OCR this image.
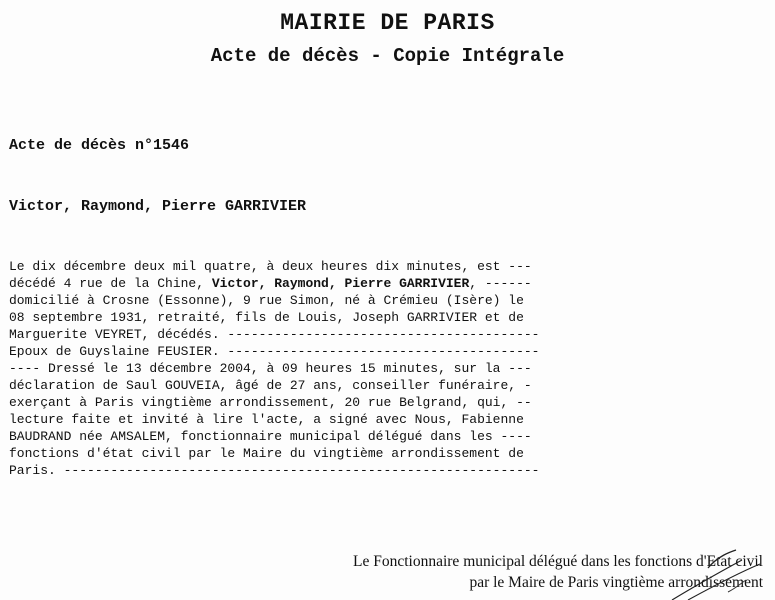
MAIRIE DE PARIS
Acte de décès - Copie Intégrale

Acte de décès n°1546

Victor, Raymond, Pierre GARRIVIER

Le dix décembre deux mil quatre, à deux heures dix minutes, est ---
décédé 4 rue de la Chine, Victor, Raymond, Pierre GARRIVIER, ------
domicilié à Crosne (Essonne), 9 rue Simon, né à Crémieu (Isère) le
08 septembre 1931, retraité, fils de Louis, Joseph GARRIVIER et de
Marguerite VEYRET, décédés. ----------------------------------------
Epoux de Guyslaine FEUSIER. ----------------------------------------
---- Dressé le 13 décembre 2004, à 09 heures 15 minutes, sur la ---
déclaration de Saul GOUVEIA, âgé de 27 ans, conseiller funéraire, -
exerçant à Paris vingtième arrondissement, 20 rue Belgrand, qui, --
lecture faite et invité à lire l'acte, a signé avec Nous, Fabienne
BAUDRAND née AMSALEM, fonctionnaire municipal délégué dans les ----
fonctions d'état civil par le Maire du vingtième arrondissement de
Paris. -------------------------------------------------------------
Le Fonctionnaire municipal délégué dans les fonctions d'Etat civil
par le Maire de Paris vingtième arrondissement
